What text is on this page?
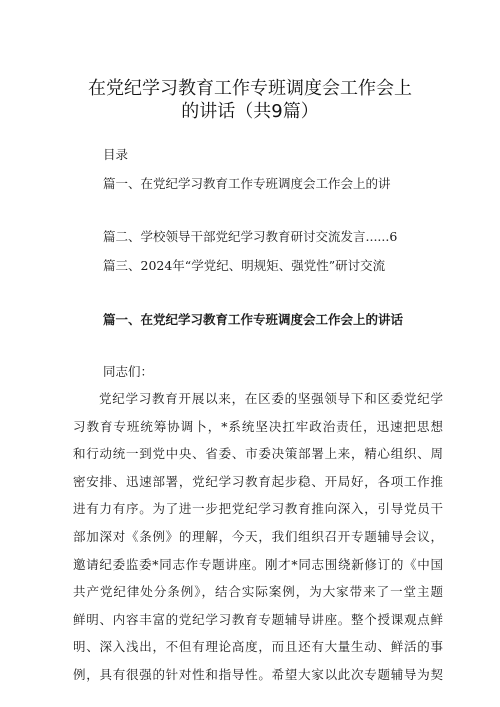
在党纪学习教育工作专班调度会工作会上
的讲话（共9篇）
目录
篇一、在党纪学习教育工作专班调度会工作会上的讲
篇二、学校领导干部党纪学习教育研讨交流发言......6
篇三、2024年“学党纪、明规矩、强党性”研讨交流
篇一、在党纪学习教育工作专班调度会工作会上的讲话
同志们：
党纪学习教育开展以来，在区委的坚强领导下和区委党纪学
习教育专班统筹协调卜，*系统坚决扛牢政治责任，迅速把思想
和行动统一到党中央、省委、市委决策部署上来，精心组织、周
密安排、迅速部署，党纪学习教育起步稳、开局好，各项工作推
进有力有序。为了进一步把党纪学习教育推向深入，引导党员干
部加深对《条例》的理解，今天，我们组织召开专题辅导会议，
邀请纪委监委*同志作专题讲座。刚才*同志围绕新修订的《中国
共产党纪律处分条例》，结合实际案例，为大家带来了一堂主题
鲜明、内容丰富的党纪学习教育专题辅导讲座。整个授课观点鲜
明、深入浅出，不但有理论高度，而且还有大量生动、鲜活的事
例，具有很强的针对性和指导性。希望大家以此次专题辅导为契
